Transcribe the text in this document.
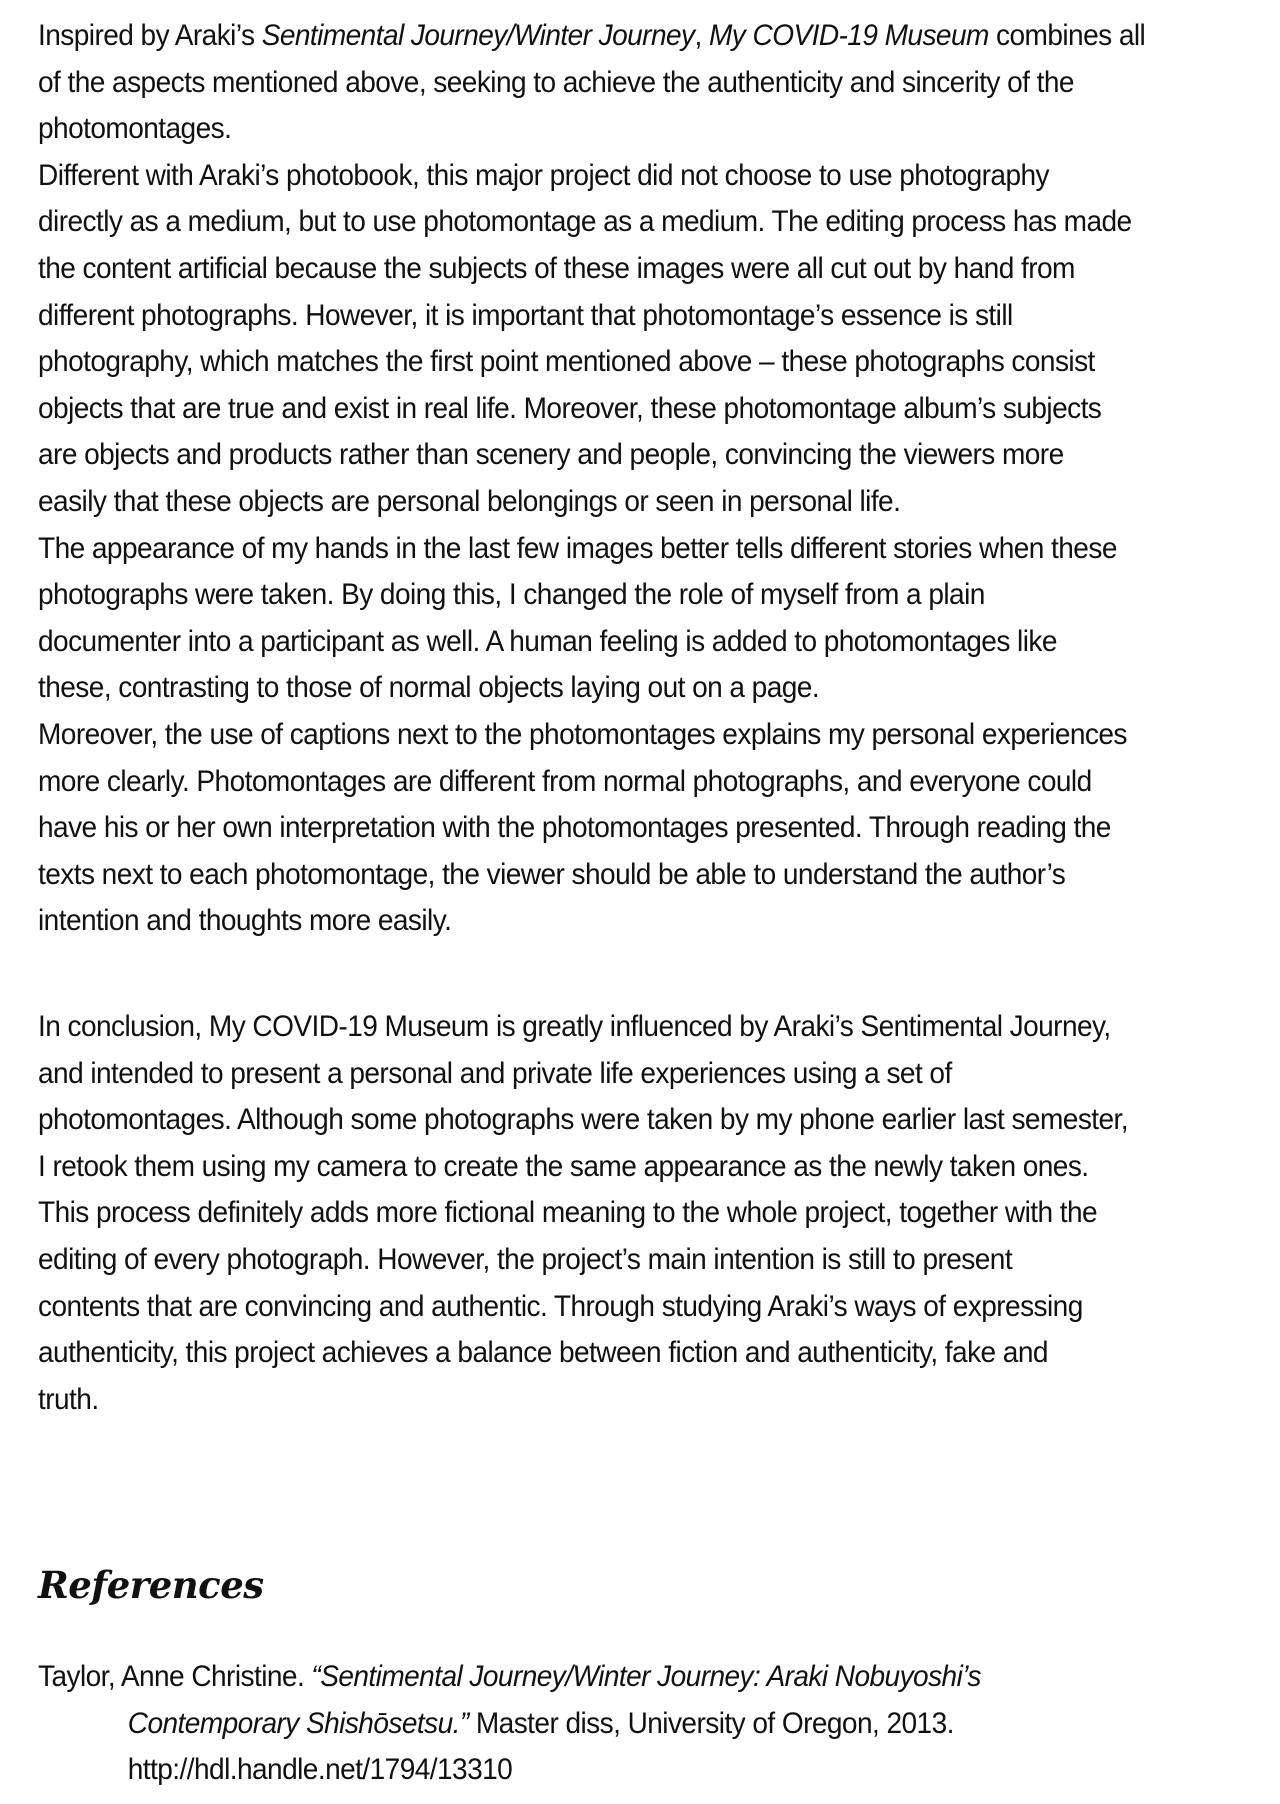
Inspired by Araki’s Sentimental Journey/Winter Journey, My COVID-19 Museum combines all
of the aspects mentioned above, seeking to achieve the authenticity and sincerity of the
photomontages.
Different with Araki’s photobook, this major project did not choose to use photography
directly as a medium, but to use photomontage as a medium. The editing process has made
the content artificial because the subjects of these images were all cut out by hand from
different photographs. However, it is important that photomontage’s essence is still
photography, which matches the first point mentioned above – these photographs consist
objects that are true and exist in real life. Moreover, these photomontage album’s subjects
are objects and products rather than scenery and people, convincing the viewers more
easily that these objects are personal belongings or seen in personal life.
The appearance of my hands in the last few images better tells different stories when these
photographs were taken. By doing this, I changed the role of myself from a plain
documenter into a participant as well. A human feeling is added to photomontages like
these, contrasting to those of normal objects laying out on a page.
Moreover, the use of captions next to the photomontages explains my personal experiences
more clearly. Photomontages are different from normal photographs, and everyone could
have his or her own interpretation with the photomontages presented. Through reading the
texts next to each photomontage, the viewer should be able to understand the author’s
intention and thoughts more easily.
In conclusion, My COVID-19 Museum is greatly influenced by Araki’s Sentimental Journey,
and intended to present a personal and private life experiences using a set of
photomontages. Although some photographs were taken by my phone earlier last semester,
I retook them using my camera to create the same appearance as the newly taken ones.
This process definitely adds more fictional meaning to the whole project, together with the
editing of every photograph. However, the project’s main intention is still to present
contents that are convincing and authentic. Through studying Araki’s ways of expressing
authenticity, this project achieves a balance between fiction and authenticity, fake and
truth.
References
Taylor, Anne Christine. “Sentimental Journey/Winter Journey: Araki Nobuyoshi’s
Contemporary Shishōsetsu.” Master diss, University of Oregon, 2013.
http://hdl.handle.net/1794/13310
